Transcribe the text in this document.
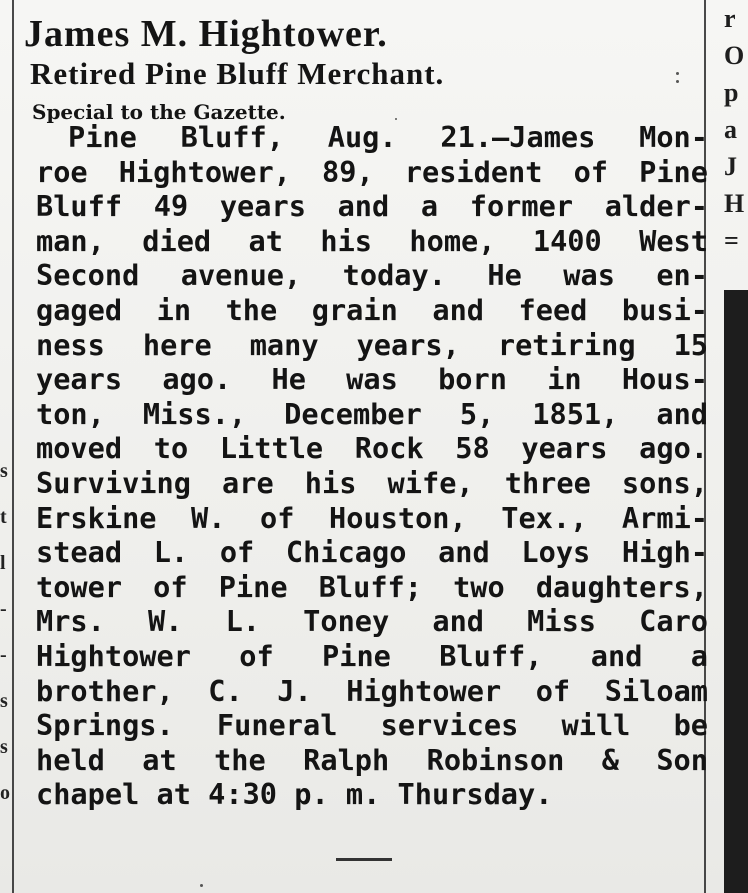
r
O
p
a
J
H
=
s
t
l
-
-
s
s
o
James M. Hightower.
Retired Pine Bluff Merchant.
Special to the Gazette.
Pine Bluff, Aug. 21.—James Mon-
roe Hightower, 89, resident of Pine
Bluff 49 years and a former alder-
man, died at his home, 1400 West
Second avenue, today. He was en-
gaged in the grain and feed busi-
ness here many years, retiring 15
years ago. He was born in Hous-
ton, Miss., December 5, 1851, and
moved to Little Rock 58 years ago.
Surviving are his wife, three sons,
Erskine W. of Houston, Tex., Armi-
stead L. of Chicago and Loys High-
tower of Pine Bluff; two daughters,
Mrs. W. L. Toney and Miss Caro
Hightower of Pine Bluff, and a
brother, C. J. Hightower of Siloam
Springs. Funeral services will be
held at the Ralph Robinson & Son
chapel at 4:30 p. m. Thursday.
